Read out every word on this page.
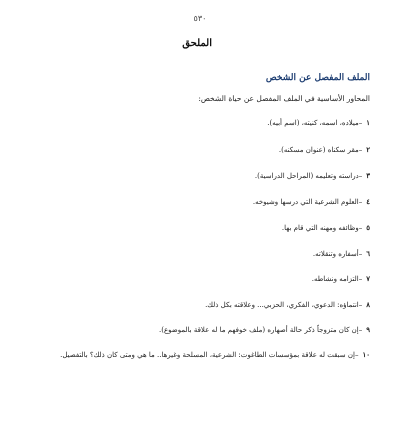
٥٣٠
الملحق
الملف المفصل عن الشخص
المحاور الأساسية في الملف المفصل عن حياة الشخص:
١–ميلاده، اسمه، كنيته، (اسم أبيه).
٢–مقر سكناه (عنوان مسكنه).
٣–دراسته وتعليمه (المراحل الدراسية).
٤–العلوم الشرعية التي درسها وشيوخه.
٥–وظائفه ومهنه التي قام بها.
٦–أسفاره وتنقلاته.
٧–التزامه ونشاطه.
٨–انتماؤه: الدعوي، الفكري، الحزبي... وعلاقته بكل ذلك.
٩–إن كان متزوجاً ذكر حالة أصهاره (ملف خوفهم ما له علاقة بالموضوع).
١٠–إن سبقت له علاقة بمؤسسات الطاغوت: الشرعية، المسلحة وغيرها.. ما هي ومتى كان ذلك؟ بالتفصيل.
